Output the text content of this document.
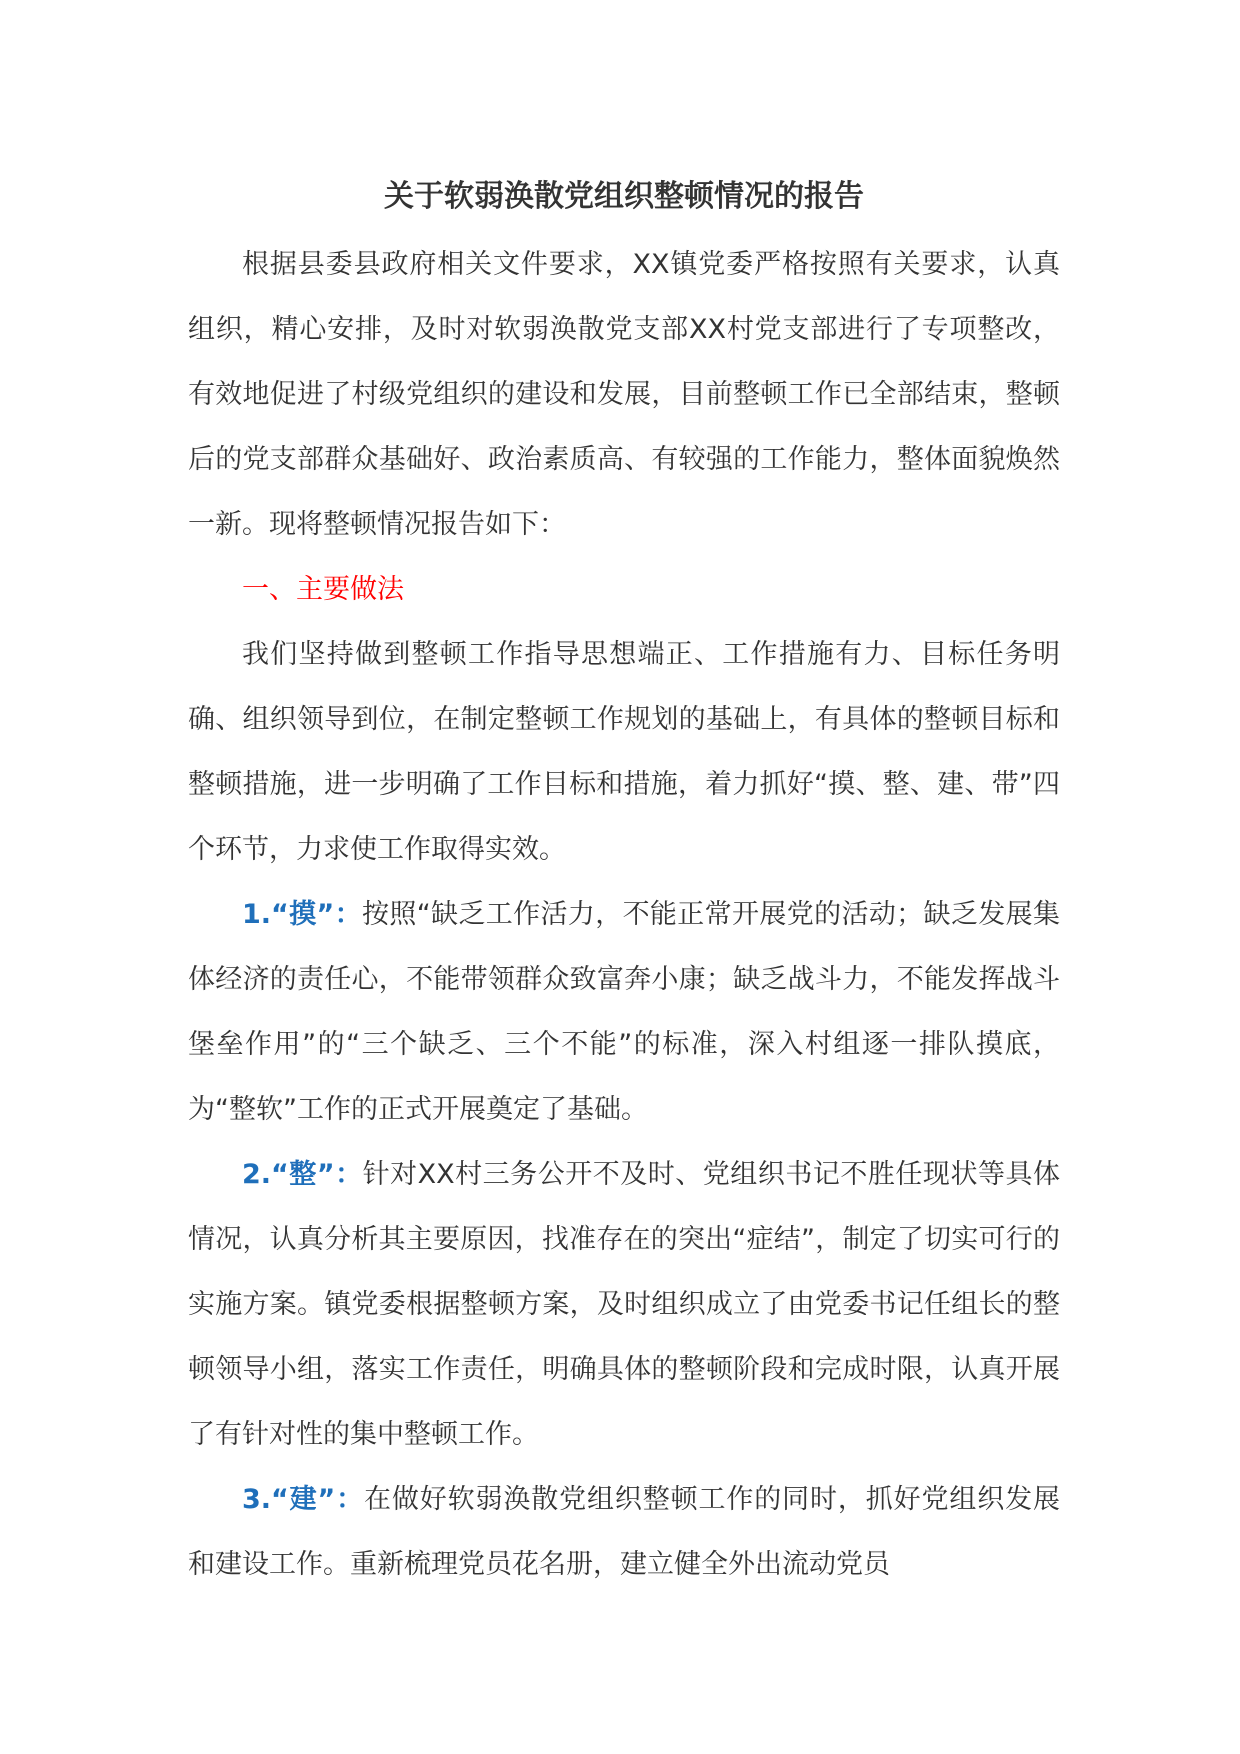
关于软弱涣散党组织整顿情况的报告

根据县委县政府相关文件要求，XX镇党委严格按照有关要求，认真组织，精心安排，及时对软弱涣散党支部XX村党支部进行了专项整改，有效地促进了村级党组织的建设和发展，目前整顿工作已全部结束，整顿后的党支部群众基础好、政治素质高、有较强的工作能力，整体面貌焕然一新。现将整顿情况报告如下：

一、主要做法

我们坚持做到整顿工作指导思想端正、工作措施有力、目标任务明确、组织领导到位，在制定整顿工作规划的基础上，有具体的整顿目标和整顿措施，进一步明确了工作目标和措施，着力抓好“摸、整、建、带”四个环节，力求使工作取得实效。

1.“摸”：按照“缺乏工作活力，不能正常开展党的活动；缺乏发展集体经济的责任心，不能带领群众致富奔小康；缺乏战斗力，不能发挥战斗堡垒作用”的“三个缺乏、三个不能”的标准，深入村组逐一排队摸底，为“整软”工作的正式开展奠定了基础。

2.“整”：针对XX村三务公开不及时、党组织书记不胜任现状等具体情况，认真分析其主要原因，找准存在的突出“症结”，制定了切实可行的实施方案。镇党委根据整顿方案，及时组织成立了由党委书记任组长的整顿领导小组，落实工作责任，明确具体的整顿阶段和完成时限，认真开展了有针对性的集中整顿工作。

3.“建”：在做好软弱涣散党组织整顿工作的同时，抓好党组织发展和建设工作。重新梳理党员花名册，建立健全外出流动党员
